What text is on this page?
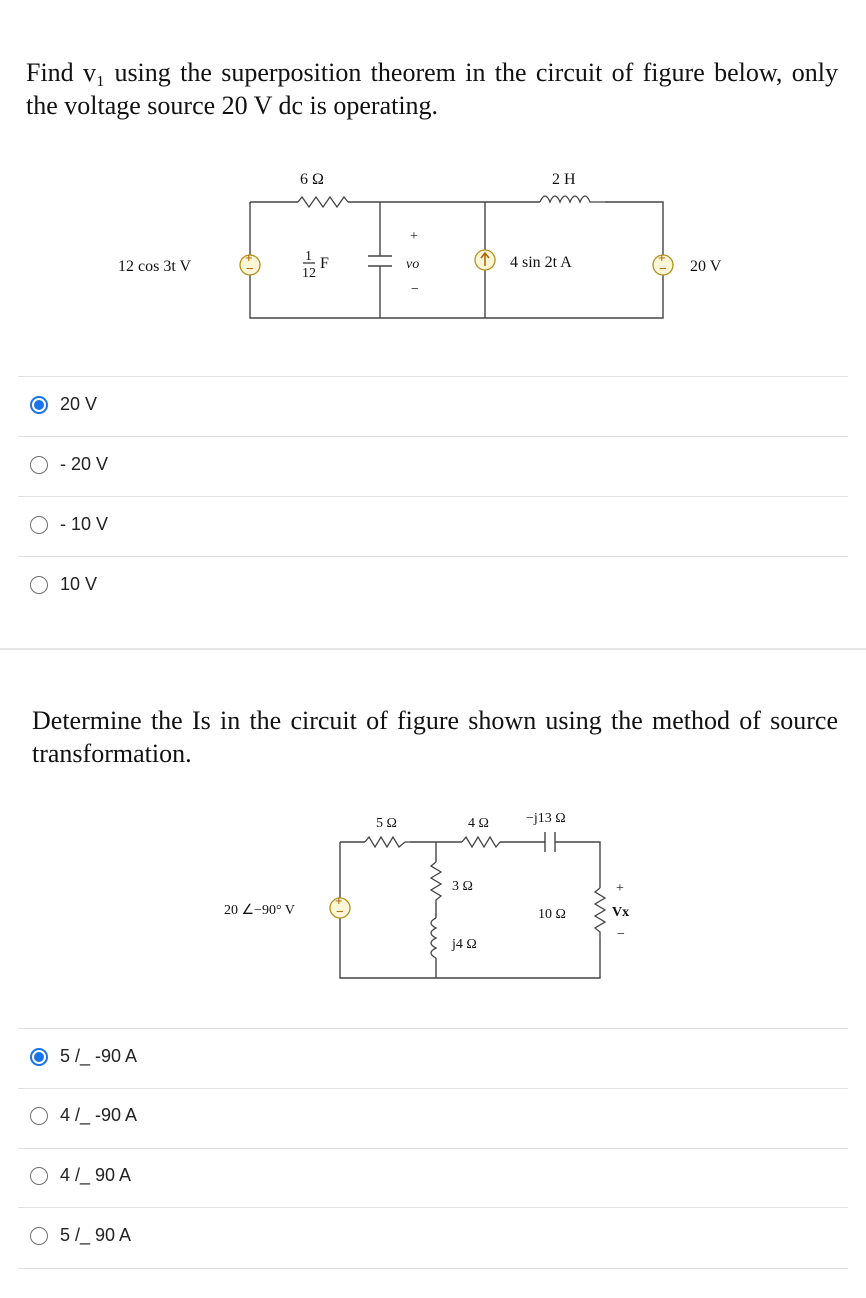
Find v₁ using the superposition theorem in the circuit of figure below, only the voltage source 20 V dc is operating.
6 Ω	2 H
+
−
12 cos 3t V
1
12
F
+
vo
−
4 sin 2t A	+
− 20 V
20 V
- 20 V
- 10 V
10 V
Determine the Is in the circuit of figure shown using the method of source transformation.
5 Ω	4 Ω	−j13 Ω
3 Ω
j4 Ω
10 Ω
+
Vx
−
+
−
20 ∠−90° V
5 /_ -90 A
4 /_ -90 A
4 /_ 90 A
5 /_ 90 A
